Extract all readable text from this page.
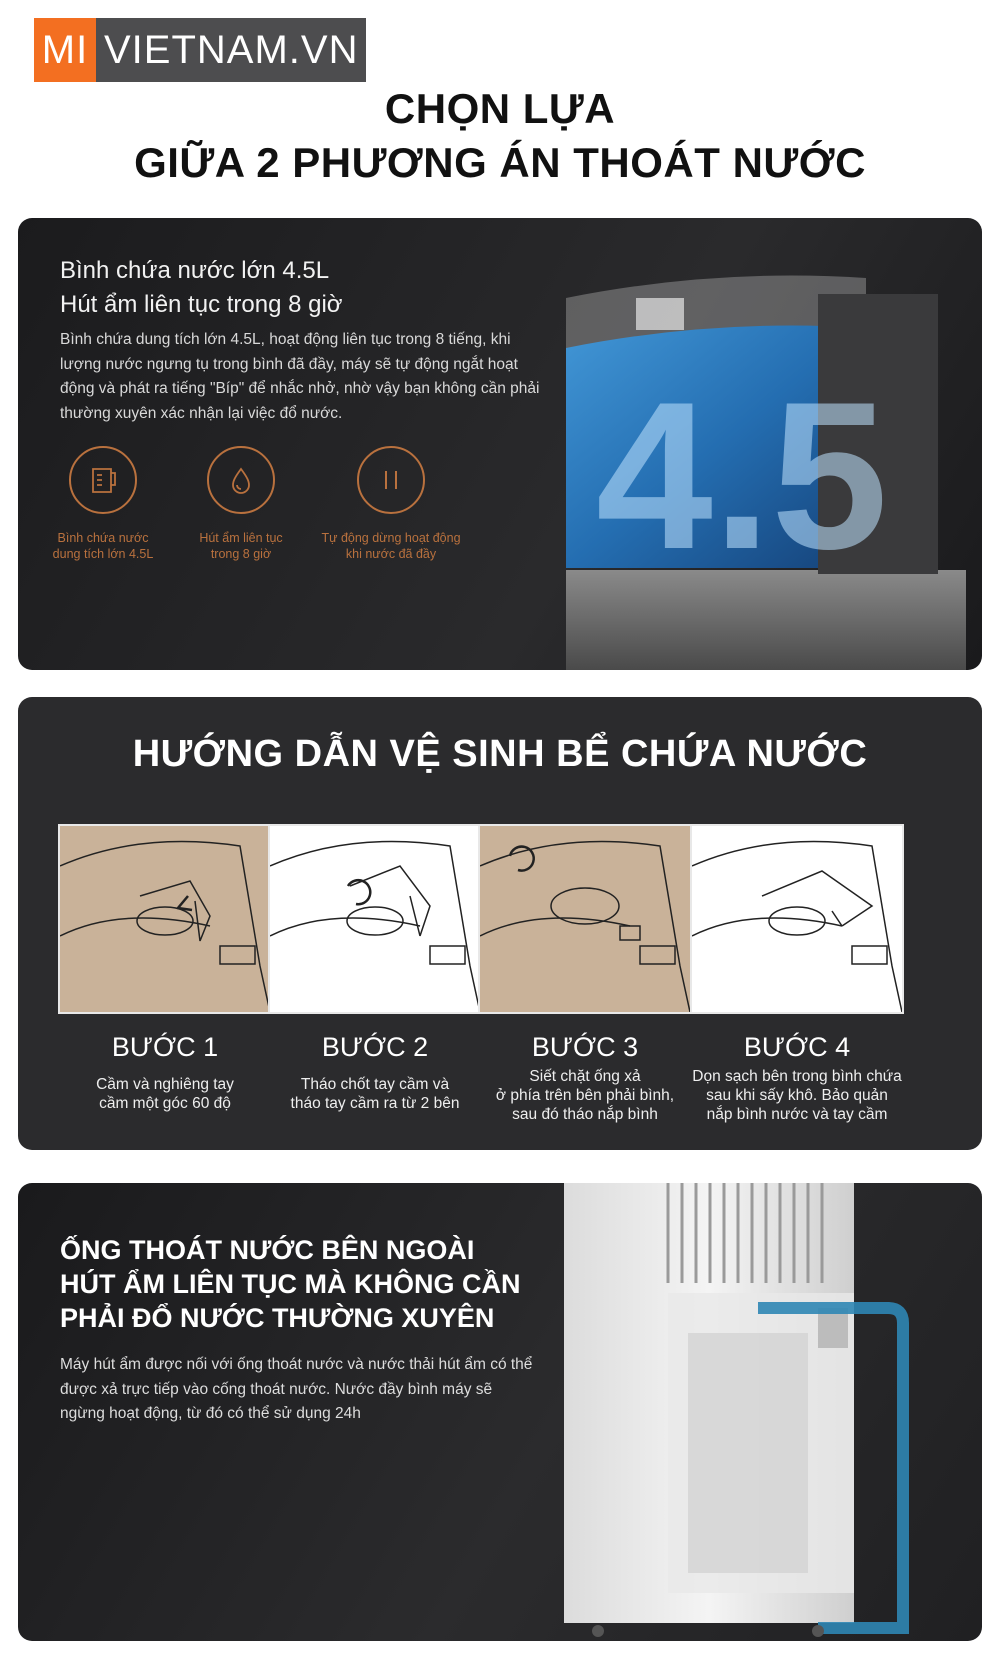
MI VIETNAM.VN
CHỌN LỰA
GIỮA 2 PHƯƠNG ÁN THOÁT NƯỚC
Bình chứa nước lớn 4.5L
Hút ẩm liên tục trong 8 giờ

Bình chứa dung tích lớn 4.5L, hoạt động liên tục trong 8 tiếng, khi lượng nước ngưng tụ trong bình đã đầy, máy sẽ tự động ngắt hoạt động và phát ra tiếng "Bíp" để nhắc nhở, nhờ vậy bạn không cần phải thường xuyên xác nhận lại việc đổ nước.

Bình chứa nước
dung tích lớn 4.5L
Hút ẩm liên tục
trong 8 giờ
Tự động dừng hoạt động
khi nước đã đầy 4.5
HƯỚNG DẪN VỆ SINH BỂ CHỨA NƯỚC
BƯỚC 1
Cầm và nghiêng tay
cầm một góc 60 độ
BƯỚC 2
Tháo chốt tay cầm và
tháo tay cầm ra từ 2 bên
BƯỚC 3
Siết chặt ống xả
ở phía trên bên phải bình,
sau đó tháo nắp bình
BƯỚC 4
Dọn sạch bên trong bình chứa
sau khi sấy khô. Bảo quản
nắp bình nước và tay cầm
ỐNG THOÁT NƯỚC BÊN NGOÀI
HÚT ẨM LIÊN TỤC MÀ KHÔNG CẦN
PHẢI ĐỔ NƯỚC THƯỜNG XUYÊN

Máy hút ẩm được nối với ống thoát nước và nước thải hút ẩm có thể được xả trực tiếp vào cống thoát nước. Nước đầy bình máy sẽ ngừng hoạt động, từ đó có thể sử dụng 24h
